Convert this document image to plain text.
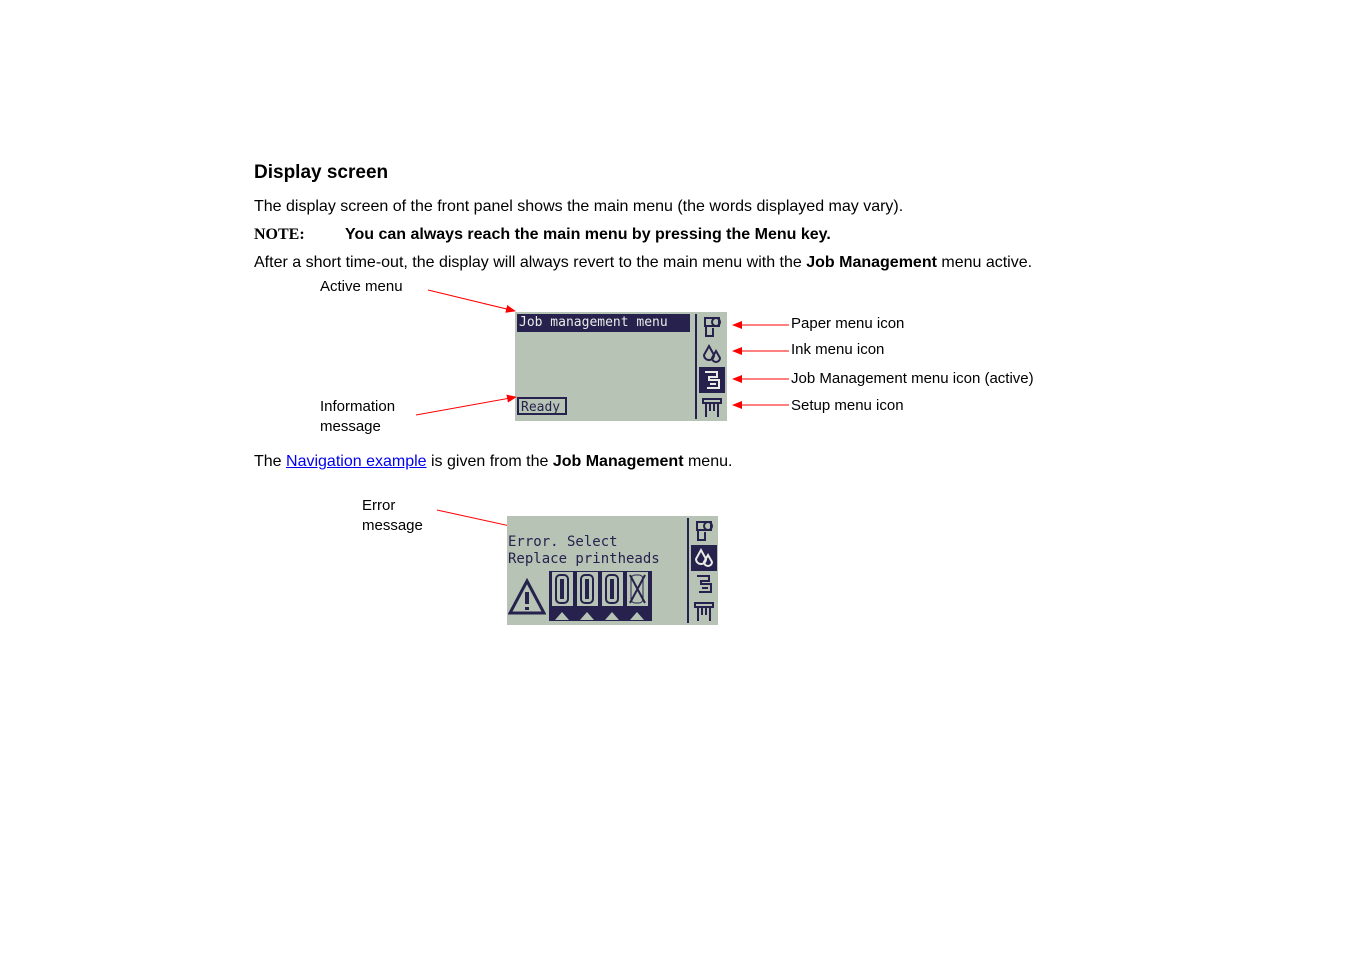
Display screen
The display screen of the front panel shows the main menu (the words displayed may vary).
NOTE:	You can always reach the main menu by pressing the Menu key.
After a short time-out, the display will always revert to the main menu with the Job Management menu active.
Active menu
Information
message
Paper menu icon
Ink menu icon
Job Management menu icon (active)
Setup menu icon
Job management menu
Ready
The Navigation example is given from the Job Management menu.
Error
message
Error. Select
Replace printheads
